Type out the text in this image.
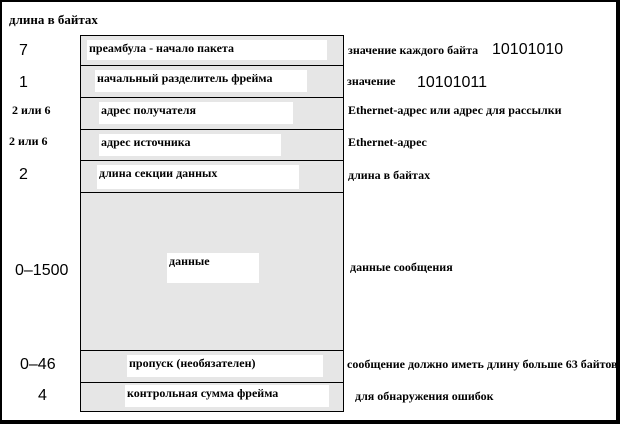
длина в байтах
7
1
2 или 6
2 или 6
2
0–1500
0–46
4
преамбула - начало пакета
начальный разделитель фрейма
адрес получателя
адрес источника
длина секции данных
данные
пропуск (необязателен)
контрольная сумма фрейма
значение каждого байта 10101010
значение 10101011
Ethernet-адрес или адрес для рассылки
Ethernet-адрес
длина в байтах
данные сообщения
сообщение должно иметь длину больше 63 байтов
для обнаружения ошибок
